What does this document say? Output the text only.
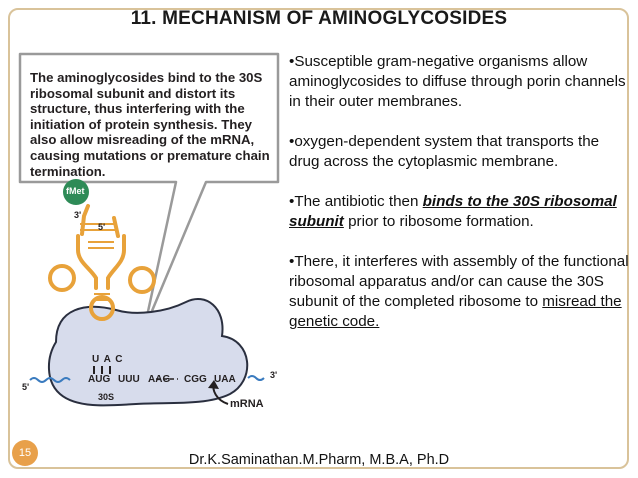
11. MECHANISM OF AMINOGLYCOSIDES
The aminoglycosides bind to the 30S ribosomal subunit and distort its structure, thus interfering with the initiation of protein synthesis. They also allow misreading of the mRNA, causing mutations or premature chain termination.
fMet
3'
5'
U A C
5'
AUG UUU AAG CGG UAA	3'
30S
mRNA

•Susceptible gram-negative organisms allow aminoglycosides to diffuse through porin channels in their outer membranes.

•oxygen-dependent system that transports the drug across the cytoplasmic membrane.

•The antibiotic then binds to the 30S ribosomal subunit prior to ribosome formation.

•There, it interferes with assembly of the functional ribosomal apparatus and/or can cause the 30S subunit of the completed ribosome to misread the genetic code.

15	Dr.K.Saminathan.M.Pharm, M.B.A, Ph.D
